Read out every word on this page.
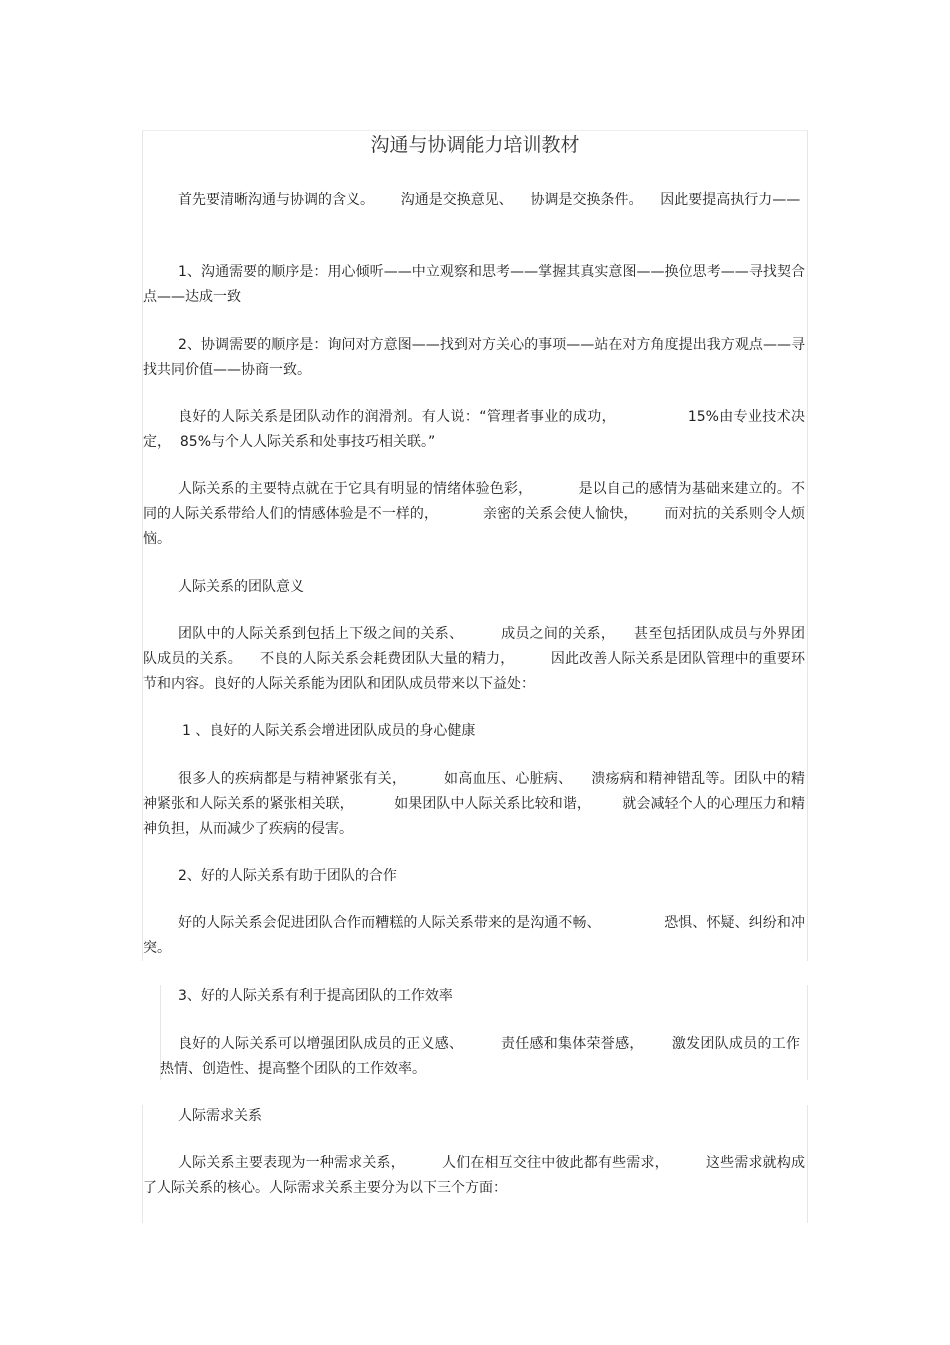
沟通与协调能力培训教材
首先要清晰沟通与协调的含义。      沟通是交换意见、    协调是交换条件。    因此要提高执行力——
1、沟通需要的顺序是：用心倾听——中立观察和思考——掌握其真实意图——换位思考——寻找契合点——达成一致
2、协调需要的顺序是：询问对方意图——找到对方关心的事项——站在对方角度提出我方观点——寻找共同价值——协商一致。
良好的人际关系是团队动作的润滑剂。有人说：“管理者事业的成功，               15%由专业技术决定，  85%与个人人际关系和处事技巧相关联。”
人际关系的主要特点就在于它具有明显的情绪体验色彩，          是以自己的感情为基础来建立的。不同的人际关系带给人们的情感体验是不一样的，          亲密的关系会使人愉快，      而对抗的关系则令人烦恼。
人际关系的团队意义
团队中的人际关系到包括上下级之间的关系、        成员之间的关系，    甚至包括团队成员与外界团队成员的关系。    不良的人际关系会耗费团队大量的精力，        因此改善人际关系是团队管理中的重要环节和内容。良好的人际关系能为团队和团队成员带来以下益处：
1 、良好的人际关系会增进团队成员的身心健康
很多人的疾病都是与精神紧张有关，        如高血压、心脏病、    溃疡病和精神错乱等。团队中的精神紧张和人际关系的紧张相关联，         如果团队中人际关系比较和谐，       就会减轻个人的心理压力和精神负担，从而减少了疾病的侵害。
2、好的人际关系有助于团队的合作
好的人际关系会促进团队合作而糟糕的人际关系带来的是沟通不畅、              恐惧、怀疑、纠纷和冲突。
3、好的人际关系有利于提高团队的工作效率
良好的人际关系可以增强团队成员的正义感、        责任感和集体荣誉感，      激发团队成员的工作热情、创造性、提高整个团队的工作效率。
人际需求关系
人际关系主要表现为一种需求关系，        人们在相互交往中彼此都有些需求，        这些需求就构成了人际关系的核心。人际需求关系主要分为以下三个方面：
